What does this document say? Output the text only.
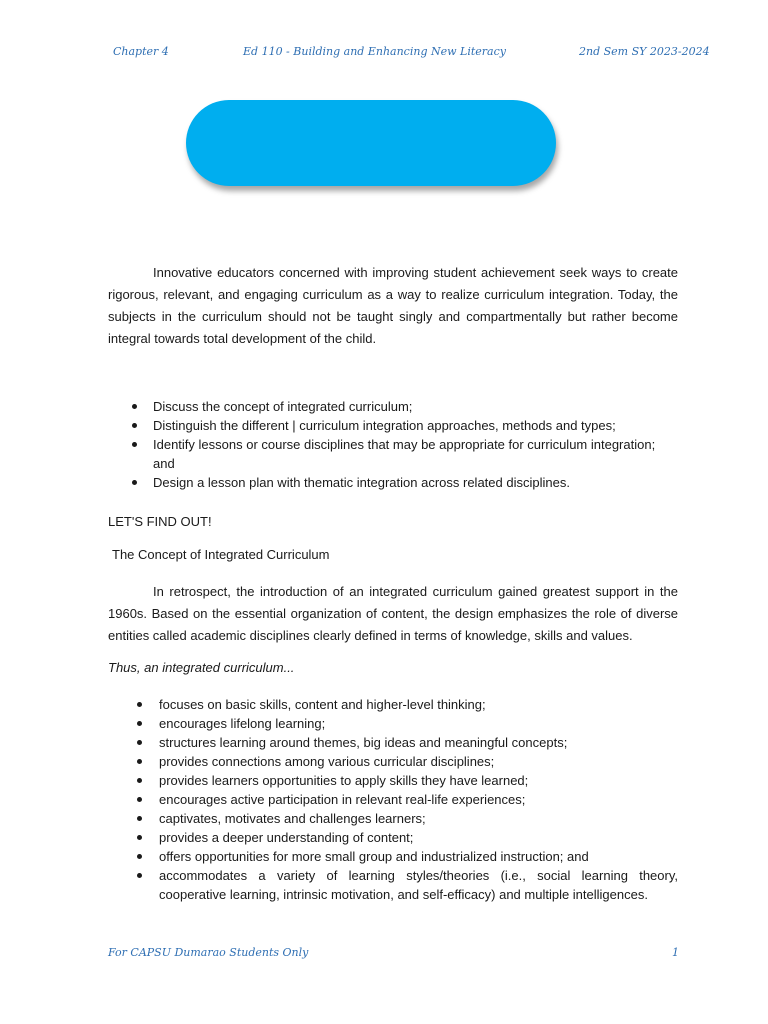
Chapter 4	Ed 110 - Building and Enhancing New Literacy	2nd Sem SY 2023-2024
Innovative educators concerned with improving student achievement seek ways to create rigorous, relevant, and engaging curriculum as a way to realize curriculum integration. Today, the subjects in the curriculum should not be taught singly and compartmentally but rather become integral towards total development of the child.
Discuss the concept of integrated curriculum;
Distinguish the different | curriculum integration approaches, methods and types;
Identify lessons or course disciplines that may be appropriate for curriculum integration; and
Design a lesson plan with thematic integration across related disciplines.
LET'S FIND OUT!
The Concept of Integrated Curriculum
In retrospect, the introduction of an integrated curriculum gained greatest support in the 1960s. Based on the essential organization of content, the design emphasizes the role of diverse entities called academic disciplines clearly defined in terms of knowledge, skills and values.
Thus, an integrated curriculum...
focuses on basic skills, content and higher-level thinking;
encourages lifelong learning;
structures learning around themes, big ideas and meaningful concepts;
provides connections among various curricular disciplines;
provides learners opportunities to apply skills they have learned;
encourages active participation in relevant real-life experiences;
captivates, motivates and challenges learners;
provides a deeper understanding of content;
offers opportunities for more small group and industrialized instruction; and
accommodates a variety of learning styles/theories (i.e., social learning theory, cooperative learning, intrinsic motivation, and self-efficacy) and multiple intelligences.
For CAPSU Dumarao Students Only	1
